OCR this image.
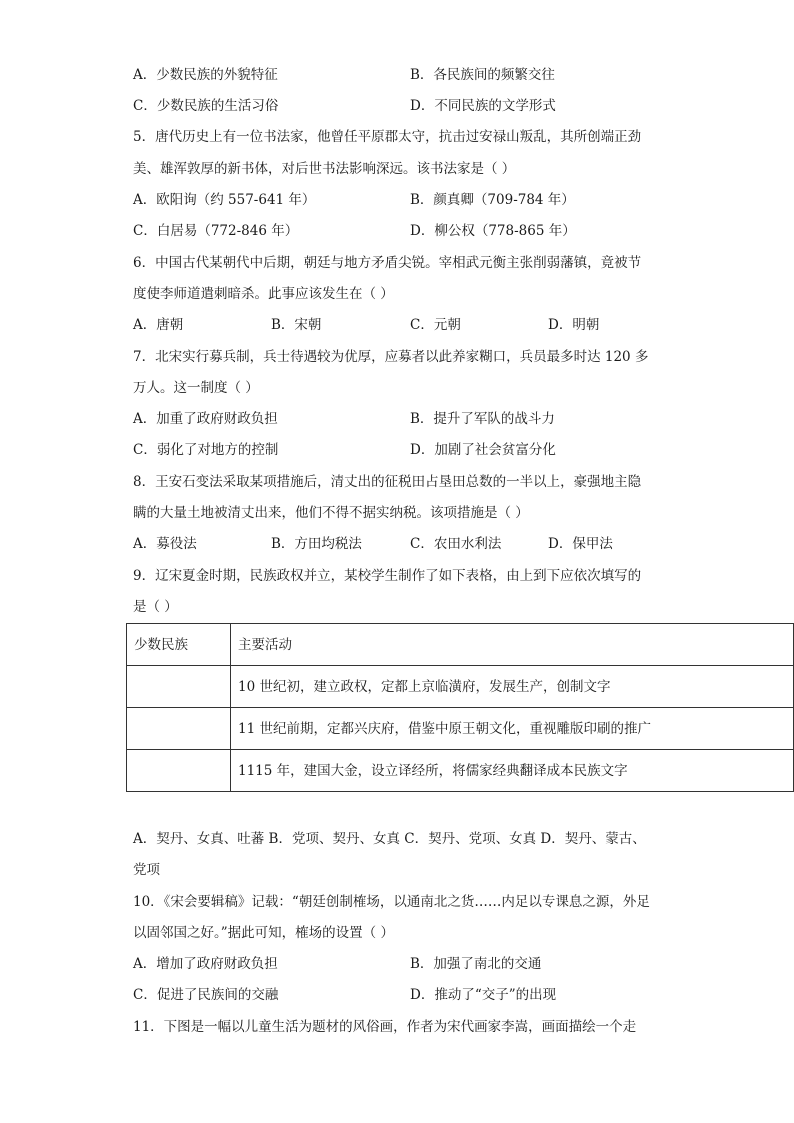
A．少数民族的外貌特征	B．各民族间的频繁交往
C．少数民族的生活习俗	D．不同民族的文学形式
5．唐代历史上有一位书法家，他曾任平原郡太守，抗击过安禄山叛乱，其所创端正劲
美、雄浑敦厚的新书体，对后世书法影响深远。该书法家是（ ）
A．欧阳询（约 557-641 年）	B．颜真卿（709-784 年）
C．白居易（772-846 年）	D．柳公权（778-865 年）
6．中国古代某朝代中后期，朝廷与地方矛盾尖锐。宰相武元衡主张削弱藩镇，竟被节
度使李师道遣刺暗杀。此事应该发生在（ ）
A．唐朝	B．宋朝	C．元朝	D．明朝
7．北宋实行募兵制，兵士待遇较为优厚，应募者以此养家糊口，兵员最多时达 120 多
万人。这一制度（ ）
A．加重了政府财政负担	B．提升了军队的战斗力
C．弱化了对地方的控制	D．加剧了社会贫富分化
8．王安石变法采取某项措施后，清丈出的征税田占垦田总数的一半以上，豪强地主隐
瞒的大量土地被清丈出来，他们不得不据实纳税。该项措施是（ ）
A．募役法	B．方田均税法	C．农田水利法	D．保甲法
9．辽宋夏金时期，民族政权并立，某校学生制作了如下表格，由上到下应依次填写的
是（ ）
少数民族	主要活动
	10 世纪初，建立政权，定都上京临潢府，发展生产，创制文字
	11 世纪前期，定都兴庆府，借鉴中原王朝文化，重视雕版印刷的推广
	1115 年，建国大金，设立译经所，将儒家经典翻译成本民族文字
A．契丹、女真、吐蕃 B．党项、契丹、女真 C．契丹、党项、女真 D．契丹、蒙古、
党项
10．《宋会要辑稿》记载：“朝廷创制榷场，以通南北之货……内足以专课息之源，外足
以固邻国之好。”据此可知，榷场的设置（ ）
A．增加了政府财政负担	B．加强了南北的交通
C．促进了民族间的交融	D．推动了“交子”的出现
11．下图是一幅以儿童生活为题材的风俗画，作者为宋代画家李嵩，画面描绘一个走
